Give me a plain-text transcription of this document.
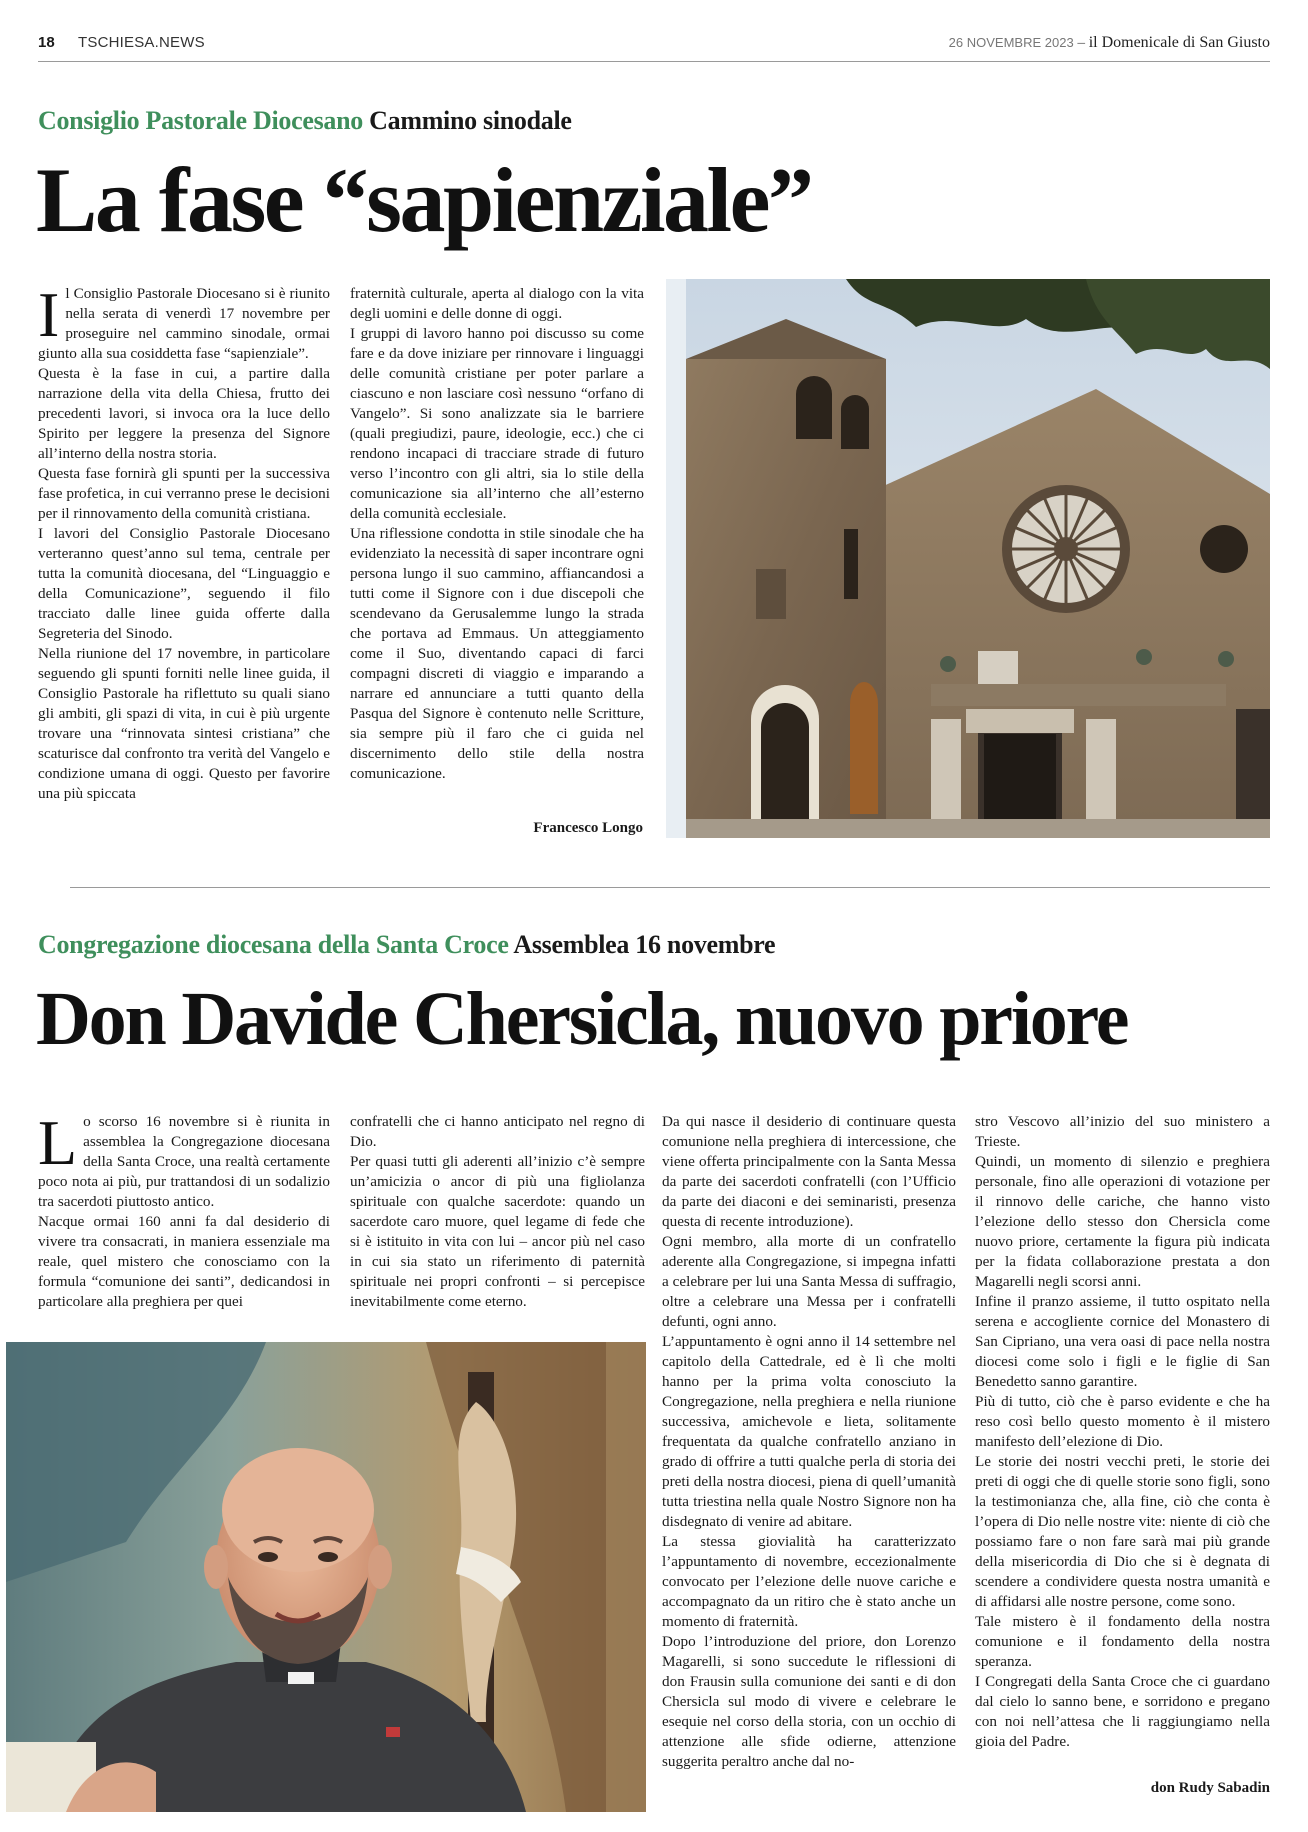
18 TSCHIESA.NEWS	26 NOVEMBRE 2023 – il Domenicale di San Giusto
Consiglio Pastorale Diocesano Cammino sinodale
La fase “sapienziale”

Il Consiglio Pastorale Diocesano si è riunito nella serata di venerdì 17 novembre per proseguire nel cammino sinodale, ormai giunto alla sua cosiddetta fase “sapienziale”.

Questa è la fase in cui, a partire dalla narrazione della vita della Chiesa, frutto dei precedenti lavori, si invoca ora la luce dello Spirito per leggere la presenza del Signore all’interno della nostra storia.

Questa fase fornirà gli spunti per la successiva fase profetica, in cui verranno prese le decisioni per il rinnovamento della comunità cristiana.

I lavori del Consiglio Pastorale Diocesano verteranno quest’anno sul tema, centrale per tutta la comunità diocesana, del “Linguaggio e della Comunicazione”, seguendo il filo tracciato dalle linee guida offerte dalla Segreteria del Sinodo.

Nella riunione del 17 novembre, in particolare seguendo gli spunti forniti nelle linee guida, il Consiglio Pastorale ha riflettuto su quali siano gli ambiti, gli spazi di vita, in cui è più urgente trovare una “rinnovata sintesi cristiana” che scaturisce dal confronto tra verità del Vangelo e condizione umana di oggi. Questo per favorire una più spiccata

fraternità culturale, aperta al dialogo con la vita degli uomini e delle donne di oggi.

I gruppi di lavoro hanno poi discusso su come fare e da dove iniziare per rinnovare i linguaggi delle comunità cristiane per poter parlare a ciascuno e non lasciare così nessuno “orfano di Vangelo”. Si sono analizzate sia le barriere (quali pregiudizi, paure, ideologie, ecc.) che ci rendono incapaci di tracciare strade di futuro verso l’incontro con gli altri, sia lo stile della comunicazione sia all’interno che all’esterno della comunità ecclesiale.

Una riflessione condotta in stile sinodale che ha evidenziato la necessità di saper incontrare ogni persona lungo il suo cammino, affiancandosi a tutti come il Signore con i due discepoli che scendevano da Gerusalemme lungo la strada che portava ad Emmaus. Un atteggiamento come il Suo, diventando capaci di farci compagni discreti di viaggio e imparando a narrare ed annunciare a tutti quanto della Pasqua del Signore è contenuto nelle Scritture, sia sempre più il faro che ci guida nel discernimento dello stile della nostra comunicazione.

Francesco Longo
Congregazione diocesana della Santa Croce Assemblea 16 novembre
Don Davide Chersicla, nuovo priore

Lo scorso 16 novembre si è riunita in assemblea la Congregazione diocesana della Santa Croce, una realtà certamente poco nota ai più, pur trattandosi di un sodalizio tra sacerdoti piuttosto antico.

Nacque ormai 160 anni fa dal desiderio di vivere tra consacrati, in maniera essenziale ma reale, quel mistero che conosciamo con la formula “comunione dei santi”, dedicandosi in particolare alla preghiera per quei

confratelli che ci hanno anticipato nel regno di Dio.

Per quasi tutti gli aderenti all’inizio c’è sempre un’amicizia o ancor di più una figliolanza spirituale con qualche sacerdote: quando un sacerdote caro muore, quel legame di fede che si è istituito in vita con lui – ancor più nel caso in cui sia stato un riferimento di paternità spirituale nei propri confronti – si percepisce inevitabilmente come eterno.

Da qui nasce il desiderio di continuare questa comunione nella preghiera di intercessione, che viene offerta principalmente con la Santa Messa da parte dei sacerdoti confratelli (con l’Ufficio da parte dei diaconi e dei seminaristi, presenza questa di recente introduzione).

Ogni membro, alla morte di un confratello aderente alla Congregazione, si impegna infatti a celebrare per lui una Santa Messa di suffragio, oltre a celebrare una Messa per i confratelli defunti, ogni anno.

L’appuntamento è ogni anno il 14 settembre nel capitolo della Cattedrale, ed è lì che molti hanno per la prima volta conosciuto la Congregazione, nella preghiera e nella riunione successiva, amichevole e lieta, solitamente frequentata da qualche confratello anziano in grado di offrire a tutti qualche perla di storia dei preti della nostra diocesi, piena di quell’umanità tutta triestina nella quale Nostro Signore non ha disdegnato di venire ad abitare.

La stessa giovialità ha caratterizzato l’appuntamento di novembre, eccezionalmente convocato per l’elezione delle nuove cariche e accompagnato da un ritiro che è stato anche un momento di fraternità.

Dopo l’introduzione del priore, don Lorenzo Magarelli, si sono succedute le riflessioni di don Frausin sulla comunione dei santi e di don Chersicla sul modo di vivere e celebrare le esequie nel corso della storia, con un occhio di attenzione alle sfide odierne, attenzione suggerita peraltro anche dal no-

stro Vescovo all’inizio del suo ministero a Trieste.

Quindi, un momento di silenzio e preghiera personale, fino alle operazioni di votazione per il rinnovo delle cariche, che hanno visto l’elezione dello stesso don Chersicla come nuovo priore, certamente la figura più indicata per la fidata collaborazione prestata a don Magarelli negli scorsi anni.

Infine il pranzo assieme, il tutto ospitato nella serena e accogliente cornice del Monastero di San Cipriano, una vera oasi di pace nella nostra diocesi come solo i figli e le figlie di San Benedetto sanno garantire.

Più di tutto, ciò che è parso evidente e che ha reso così bello questo momento è il mistero manifesto dell’elezione di Dio.

Le storie dei nostri vecchi preti, le storie dei preti di oggi che di quelle storie sono figli, sono la testimonianza che, alla fine, ciò che conta è l’opera di Dio nelle nostre vite: niente di ciò che possiamo fare o non fare sarà mai più grande della misericordia di Dio che si è degnata di scendere a condividere questa nostra umanità e di affidarsi alle nostre persone, come sono.

Tale mistero è il fondamento della nostra comunione e il fondamento della nostra speranza.

I Congregati della Santa Croce che ci guardano dal cielo lo sanno bene, e sorridono e pregano con noi nell’attesa che li raggiungiamo nella gioia del Padre.

don Rudy Sabadin
